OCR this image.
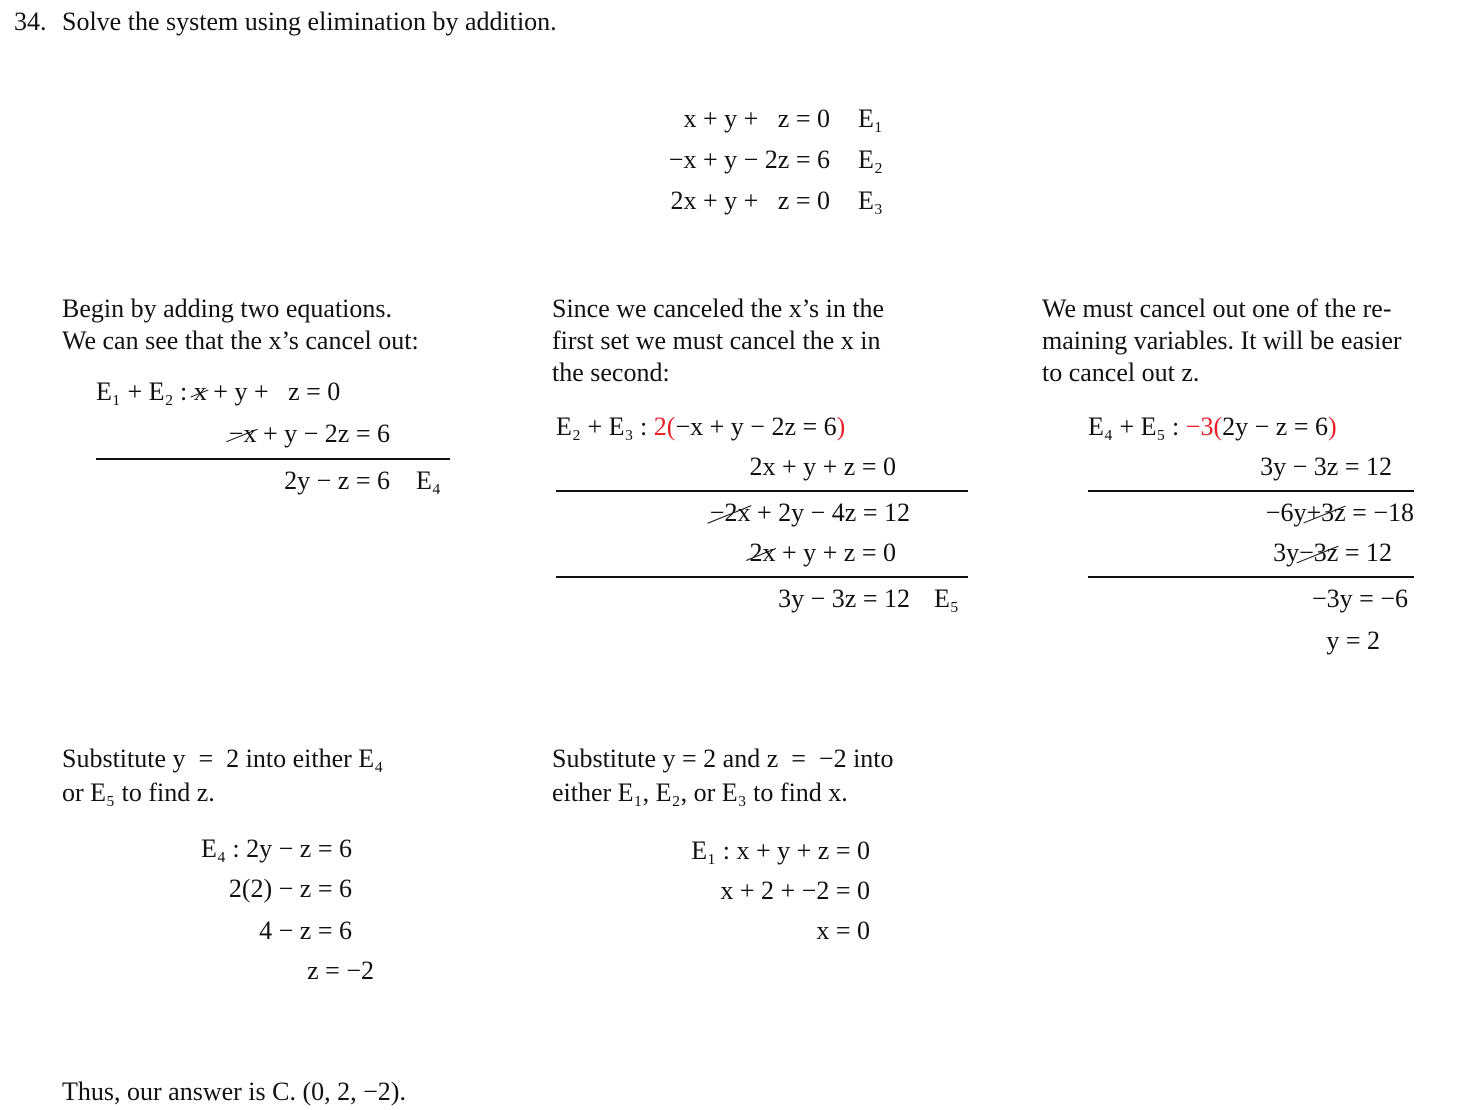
34. Solve the system using elimination by addition.
x + y +   z = 0 E₁
−x + y − 2z = 6 E₂
2x + y +   z = 0 E₃
Begin by adding two equations.
We can see that the x’s cancel out:
E₁ + E₂ : x + y +   z = 0
−x + y − 2z = 6
2y − z = 6 E₄
Since we canceled the x’s in the
first set we must cancel the x in
the second:
E₂ + E₃ : 2(−x + y − 2z = 6)
2x + y + z = 0
−2x + 2y − 4z = 12
2x + y + z = 0
3y − 3z = 12 E₅
We must cancel out one of the re-
maining variables. It will be easier
to cancel out z.
E₄ + E₅ : −3(2y − z = 6)
3y − 3z = 12
−6y+3z = −18
3y−3z = 12
−3y = −6
y = 2
Substitute y  =  2 into either E₄
or E₅ to find z.
E₄ : 2y − z = 6
2(2) − z = 6
4 − z = 6
z = −2
Substitute y = 2 and z  =  −2 into
either E₁, E₂, or E₃ to find x.
E₁ : x + y + z = 0
x + 2 + −2 = 0
x = 0
Thus, our answer is C. (0, 2, −2).
